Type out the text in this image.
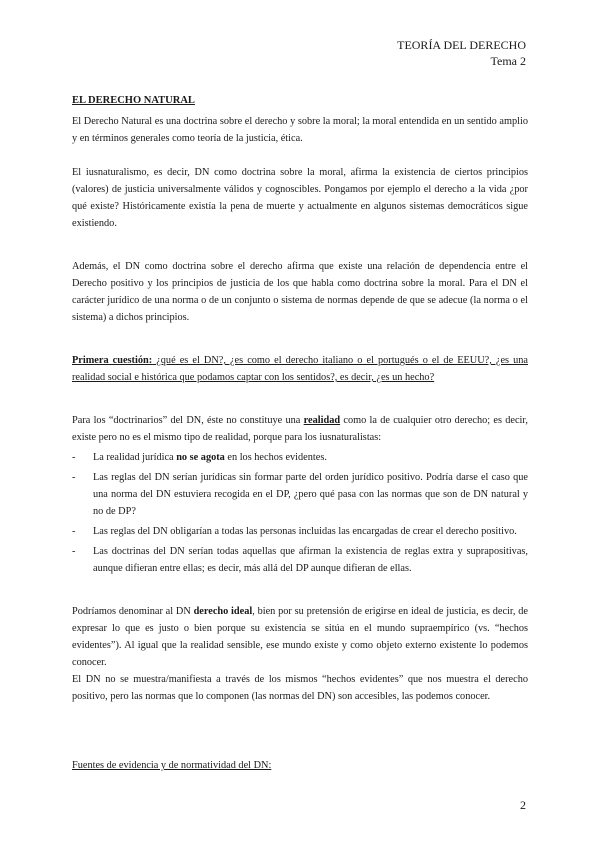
TEORÍA DEL DERECHO
Tema 2

EL DERECHO NATURAL

El Derecho Natural es una doctrina sobre el derecho y sobre la moral; la moral entendida en un sentido amplio y en términos generales como teoría de la justicia, ética.

El iusnaturalismo, es decir, DN como doctrina sobre la moral, afirma la existencia de ciertos principios (valores) de justicia universalmente válidos y cognoscibles. Pongamos por ejemplo el derecho a la vida ¿por qué existe? Históricamente existía la pena de muerte y actualmente en algunos sistemas democráticos sigue existiendo.

Además, el DN como doctrina sobre el derecho afirma que existe una relación de dependencia entre el Derecho positivo y los principios de justicia de los que habla como doctrina sobre la moral. Para el DN el carácter jurídico de una norma o de un conjunto o sistema de normas depende de que se adecue (la norma o el sistema) a dichos principios.

Primera cuestión: ¿qué es el DN?, ¿es como el derecho italiano o el portugués o el de EEUU?, ¿es una realidad social e histórica que podamos captar con los sentidos?, es decir, ¿es un hecho?

Para los “doctrinarios” del DN, éste no constituye una realidad como la de cualquier otro derecho; es decir, existe pero no es el mismo tipo de realidad, porque para los iusnaturalistas:

- La realidad jurídica no se agota en los hechos evidentes.
- Las reglas del DN serían jurídicas sin formar parte del orden jurídico positivo. Podría darse el caso que una norma del DN estuviera recogida en el DP, ¿pero qué pasa con las normas que son de DN natural y no de DP?
- Las reglas del DN obligarían a todas las personas incluidas las encargadas de crear el derecho positivo.
- Las doctrinas del DN serían todas aquellas que afirman la existencia de reglas extra y suprapositivas, aunque difieran entre ellas; es decir, más allá del DP aunque difieran de ellas.

Podríamos denominar al DN derecho ideal, bien por su pretensión de erigirse en ideal de justicia, es decir, de expresar lo que es justo o bien porque su existencia se sitúa en el mundo supraempírico (vs. “hechos evidentes”). Al igual que la realidad sensible, ese mundo existe y como objeto externo existente lo podemos conocer.

El DN no se muestra/manifiesta a través de los mismos “hechos evidentes” que nos muestra el derecho positivo, pero las normas que lo componen (las normas del DN) son accesibles, las podemos conocer.

Fuentes de evidencia y de normatividad del DN:

2
